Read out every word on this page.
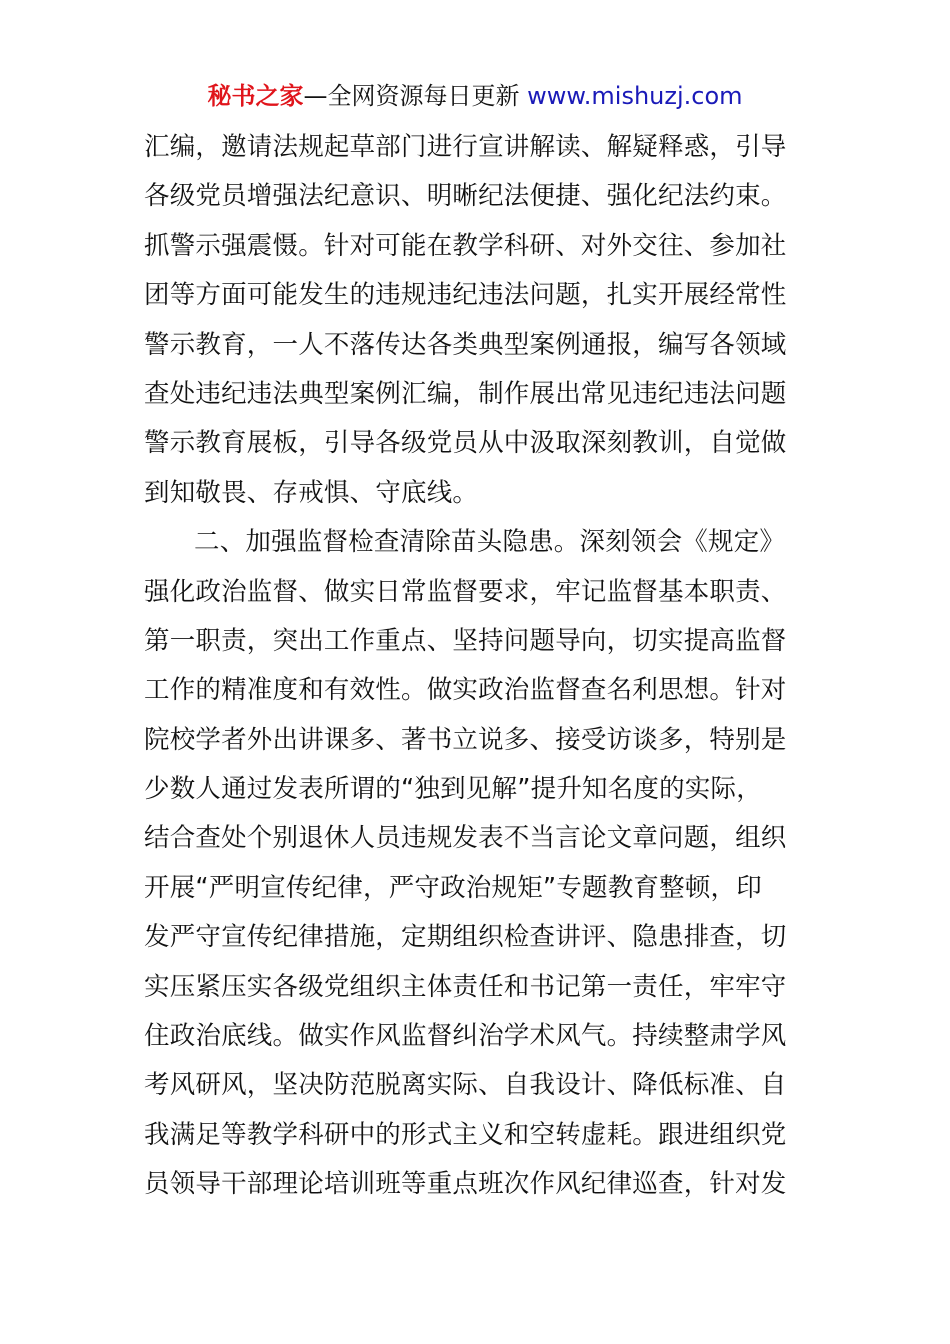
秘书之家—全网资源每日更新 www.mishuzj.com
汇编，邀请法规起草部门进行宣讲解读、解疑释惑，引导
各级党员增强法纪意识、明晰纪法便捷、强化纪法约束。
抓警示强震慑。针对可能在教学科研、对外交往、参加社
团等方面可能发生的违规违纪违法问题，扎实开展经常性
警示教育，一人不落传达各类典型案例通报，编写各领域
查处违纪违法典型案例汇编，制作展出常见违纪违法问题
警示教育展板，引导各级党员从中汲取深刻教训，自觉做
到知敬畏、存戒惧、守底线。
二、加强监督检查清除苗头隐患。深刻领会《规定》
强化政治监督、做实日常监督要求，牢记监督基本职责、
第一职责，突出工作重点、坚持问题导向，切实提高监督
工作的精准度和有效性。做实政治监督查名利思想。针对
院校学者外出讲课多、著书立说多、接受访谈多，特别是
少数人通过发表所谓的“独到见解”提升知名度的实际，
结合查处个别退休人员违规发表不当言论文章问题，组织
开展“严明宣传纪律，严守政治规矩”专题教育整顿，印
发严守宣传纪律措施，定期组织检查讲评、隐患排查，切
实压紧压实各级党组织主体责任和书记第一责任，牢牢守
住政治底线。做实作风监督纠治学术风气。持续整肃学风
考风研风，坚决防范脱离实际、自我设计、降低标准、自
我满足等教学科研中的形式主义和空转虚耗。跟进组织党
员领导干部理论培训班等重点班次作风纪律巡查，针对发
